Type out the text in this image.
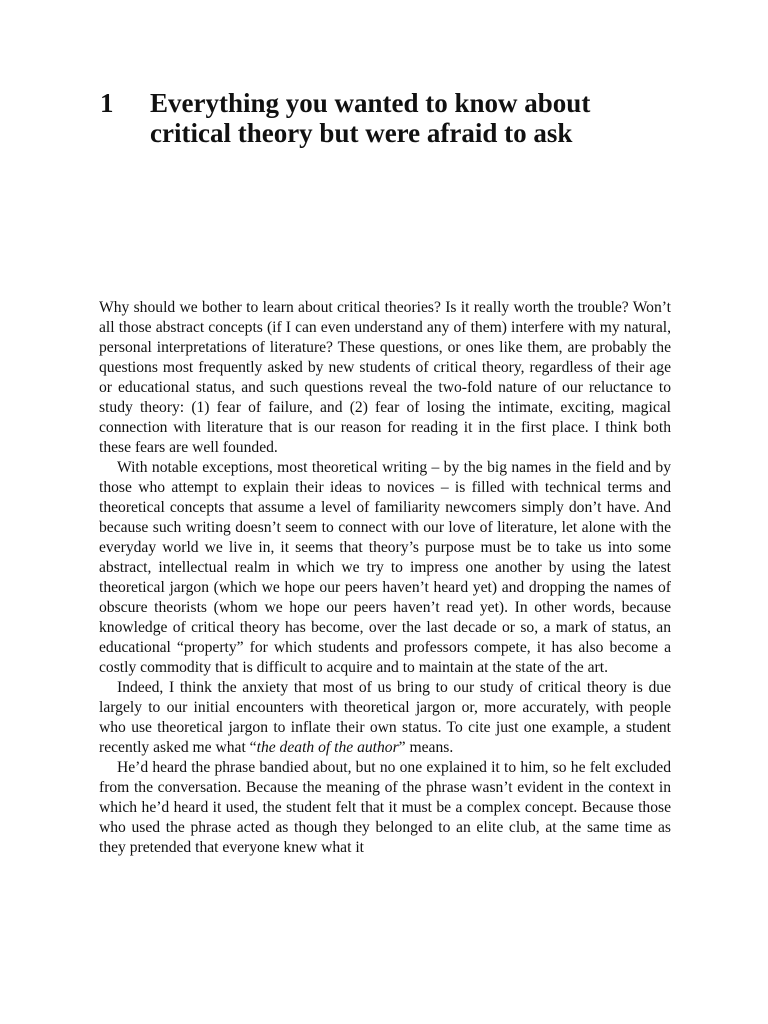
1	Everything you wanted to know about
critical theory but were afraid to ask

Why should we bother to learn about critical theories? Is it really worth the trouble? Won’t all those abstract concepts (if I can even understand any of them) interfere with my natural, personal interpretations of literature? These questions, or ones like them, are probably the questions most frequently asked by new students of critical theory, regardless of their age or educational status, and such questions reveal the two-fold nature of our reluctance to study theory: (1) fear of failure, and (2) fear of losing the intimate, exciting, magical connection with literature that is our reason for reading it in the first place. I think both these fears are well founded.

With notable exceptions, most theoretical writing – by the big names in the field and by those who attempt to explain their ideas to novices – is filled with technical terms and theoretical concepts that assume a level of familiarity newcomers simply don’t have. And because such writing doesn’t seem to connect with our love of literature, let alone with the everyday world we live in, it seems that theory’s purpose must be to take us into some abstract, intellectual realm in which we try to impress one another by using the latest theoretical jargon (which we hope our peers haven’t heard yet) and dropping the names of obscure theorists (whom we hope our peers haven’t read yet). In other words, because knowledge of critical theory has become, over the last decade or so, a mark of status, an educational “property” for which students and professors compete, it has also become a costly commodity that is difficult to acquire and to maintain at the state of the art.

Indeed, I think the anxiety that most of us bring to our study of critical theory is due largely to our initial encounters with theoretical jargon or, more accurately, with people who use theoretical jargon to inflate their own status. To cite just one example, a student recently asked me what “the death of the author” means.

He’d heard the phrase bandied about, but no one explained it to him, so he felt excluded from the conversation. Because the meaning of the phrase wasn’t evident in the context in which he’d heard it used, the student felt that it must be a complex concept. Because those who used the phrase acted as though they belonged to an elite club, at the same time as they pretended that everyone knew what it
